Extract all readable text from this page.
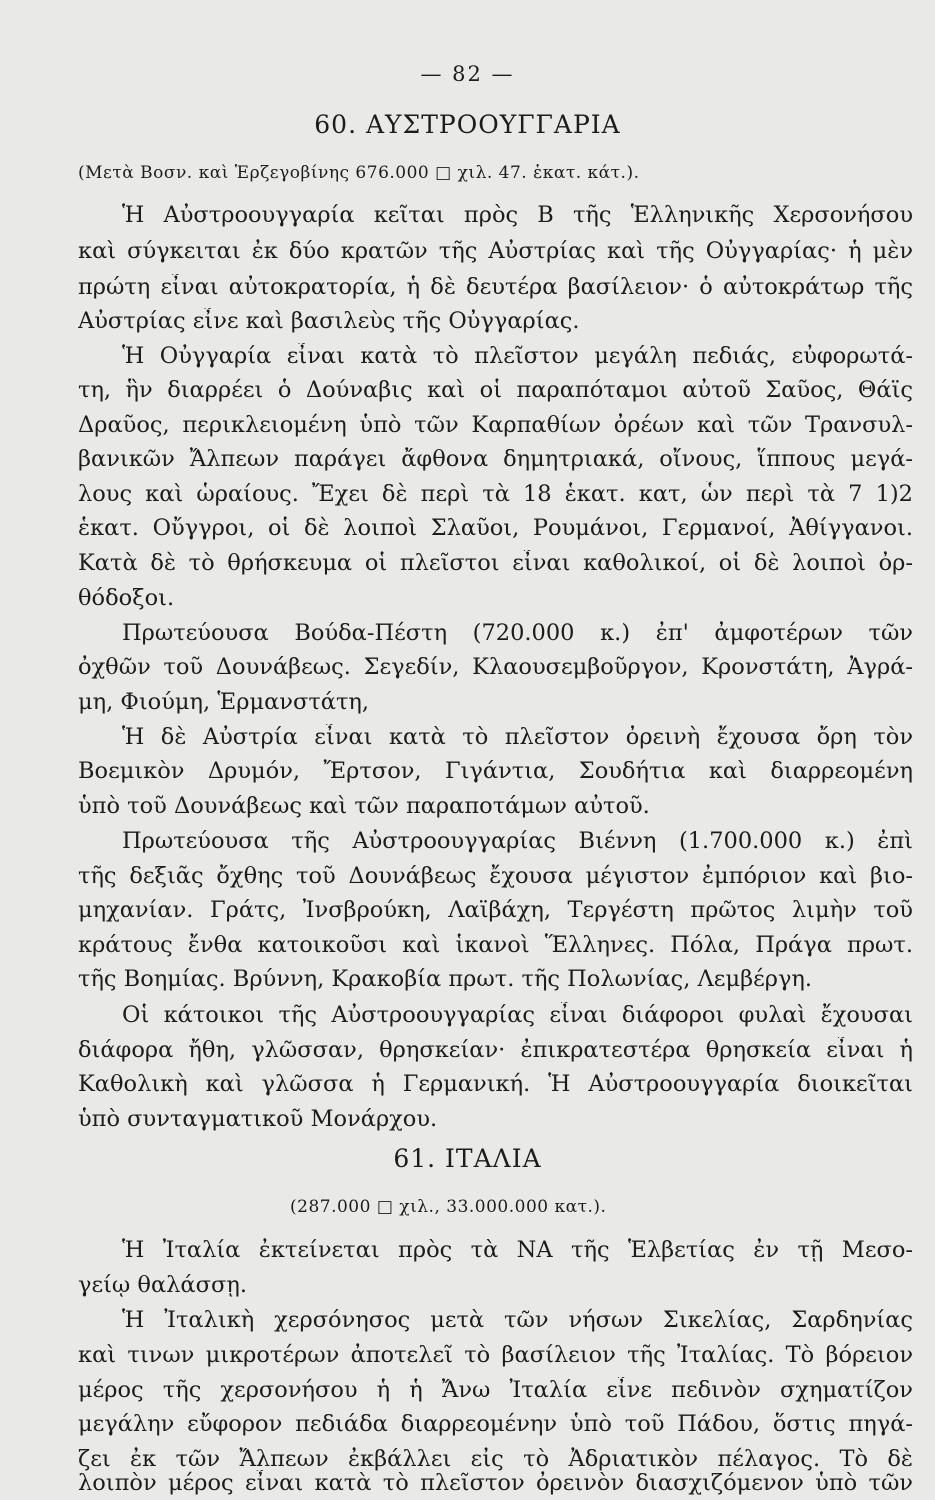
— 82 —
60. ΑΥΣΤΡΟΟΥΓΓΑΡΙΑ
(Μετὰ Βοσν. καὶ Ἑρζεγοβίνης 676.000 □ χιλ. 47. ἑκατ. κάτ.).
Ἡ Αὐστροουγγαρία κεῖται πρὸς Β τῆς Ἑλληνικῆς Χερσονήσου
καὶ σύγκειται ἐκ δύο κρατῶν τῆς Αὐστρίας καὶ τῆς Οὐγγαρίας· ἡ μὲν
πρώτη εἶναι αὐτοκρατορία, ἡ δὲ δευτέρα βασίλειον· ὁ αὐτοκράτωρ τῆς
Αὐστρίας εἶνε καὶ βασιλεὺς τῆς Οὐγγαρίας.
Ἡ Οὐγγαρία εἶναι κατὰ τὸ πλεῖστον μεγάλη πεδιάς, εὐφορωτά-
τη, ἣν διαρρέει ὁ Δούναβις καὶ οἱ παραπόταμοι αὐτοῦ Σαῦος, Θάϊς
Δραῦος, περικλειομένη ὑπὸ τῶν Καρπαθίων ὀρέων καὶ τῶν Τρανσυλ-
βανικῶν Ἄλπεων παράγει ἄφθονα δημητριακά, οἴνους, ἵππους μεγά-
λους καὶ ὡραίους. Ἔχει δὲ περὶ τὰ 18 ἑκατ. κατ, ὧν περὶ τὰ 7 1)2
ἑκατ. Οὔγγροι, οἱ δὲ λοιποὶ Σλαῦοι, Ρουμάνοι, Γερμανοί, Ἀθίγγανοι.
Κατὰ δὲ τὸ θρήσκευμα οἱ πλεῖστοι εἶναι καθολικοί, οἱ δὲ λοιποὶ ὀρ-
θόδοξοι.
Πρωτεύουσα Βούδα-Πέστη (720.000 κ.) ἐπ' ἀμφοτέρων τῶν
ὀχθῶν τοῦ Δουνάβεως. Σεγεδίν, Κλαουσεμβοῦργον, Κρονστάτη, Ἀγρά-
μη, Φιούμη, Ἑρμανστάτη,
Ἡ δὲ Αὐστρία εἶναι κατὰ τὸ πλεῖστον ὀρεινὴ ἔχουσα ὄρη τὸν
Βοεμικὸν Δρυμόν, Ἔρτσον, Γιγάντια, Σουδήτια καὶ διαρρεομένη
ὑπὸ τοῦ Δουνάβεως καὶ τῶν παραποτάμων αὐτοῦ.
Πρωτεύουσα τῆς Αὐστροουγγαρίας Βιέννη (1.700.000 κ.) ἐπὶ
τῆς δεξιᾶς ὄχθης τοῦ Δουνάβεως ἔχουσα μέγιστον ἐμπόριον καὶ βιο-
μηχανίαν. Γράτς, Ἰνσβρούκη, Λαϊβάχη, Τεργέστη πρῶτος λιμὴν τοῦ
κράτους ἔνθα κατοικοῦσι καὶ ἱκανοὶ Ἕλληνες. Πόλα, Πράγα πρωτ.
τῆς Βοημίας. Βρύννη, Κρακοβία πρωτ. τῆς Πολωνίας, Λεμβέργη.
Οἱ κάτοικοι τῆς Αὐστροουγγαρίας εἶναι διάφοροι φυλαὶ ἔχουσαι
διάφορα ἤθη, γλῶσσαν, θρησκείαν· ἐπικρατεστέρα θρησκεία εἶναι ἡ
Καθολικὴ καὶ γλῶσσα ἡ Γερμανική. Ἡ Αὐστροουγγαρία διοικεῖται
ὑπὸ συνταγματικοῦ Μονάρχου.
61. ΙΤΑΛΙΑ
(287.000 □ χιλ., 33.000.000 κατ.).
Ἡ Ἰταλία ἐκτείνεται πρὸς τὰ ΝΑ τῆς Ἑλβετίας ἐν τῇ Μεσο-
γείῳ θαλάσσῃ.
Ἡ Ἰταλικὴ χερσόνησος μετὰ τῶν νήσων Σικελίας, Σαρδηνίας
καὶ τινων μικροτέρων ἀποτελεῖ τὸ βασίλειον τῆς Ἰταλίας. Τὸ βόρειον
μέρος τῆς χερσονήσου ἡ ἡ Ἄνω Ἰταλία εἶνε πεδινὸν σχηματίζον
μεγάλην εὔφορον πεδιάδα διαρρεομένην ὑπὸ τοῦ Πάδου, ὅστις πηγά-
ζει ἐκ τῶν Ἄλπεων ἐκβάλλει εἰς τὸ Ἀδριατικὸν πέλαγος. Τὸ δὲ
λοιπὸν μέρος εἶναι κατὰ τὸ πλεῖστον ὀρεινὸν διασχιζόμενον ὑπὸ τῶν
